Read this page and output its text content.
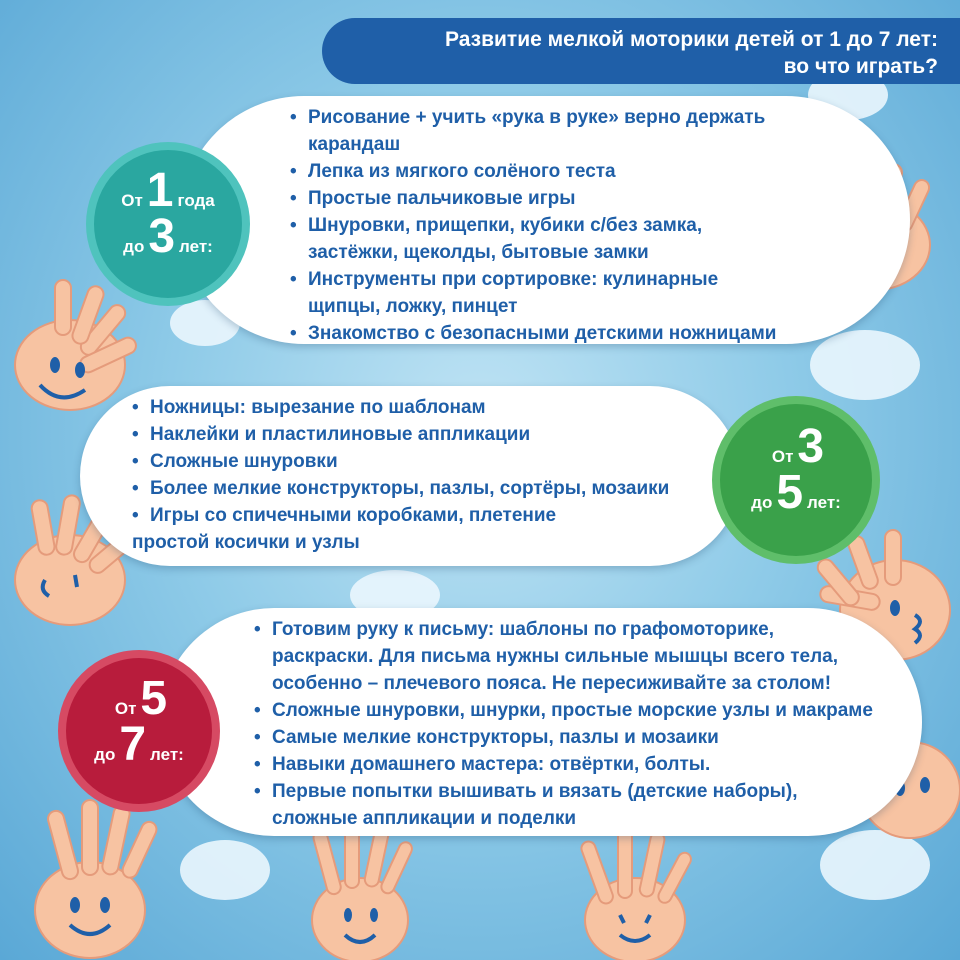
Развитие мелкой моторики детей от 1 до 7 лет:
во что играть?
• Рисование + учить «рука в руке» верно держать
карандаш
• Лепка из мягкого солёного теста
• Простые пальчиковые игры
• Шнуровки, прищепки, кубики с/без замка,
застёжки, щеколды, бытовые замки
• Инструменты при сортировке: кулинарные
щипцы, ложку, пинцет
• Знакомство с безопасными детскими ножницами
От 1 года
до 3 лет:
• Ножницы: вырезание по шаблонам
• Наклейки и пластилиновые аппликации
• Сложные шнуровки
• Более мелкие конструкторы, пазлы, сортёры, мозаики
• Игры со спичечными коробками, плетение
простой косички и узлы
От 3
до 5 лет:
• Готовим руку к письму: шаблоны по графомоторике,
раскраски. Для письма нужны сильные мышцы всего тела,
особенно – плечевого пояса. Не пересиживайте за столом!
• Сложные шнуровки, шнурки, простые морские узлы и макраме
• Самые мелкие конструкторы, пазлы и мозаики
• Навыки домашнего мастера: отвёртки, болты.
• Первые попытки вышивать и вязать (детские наборы),
сложные аппликации и поделки
От 5
до 7 лет:
